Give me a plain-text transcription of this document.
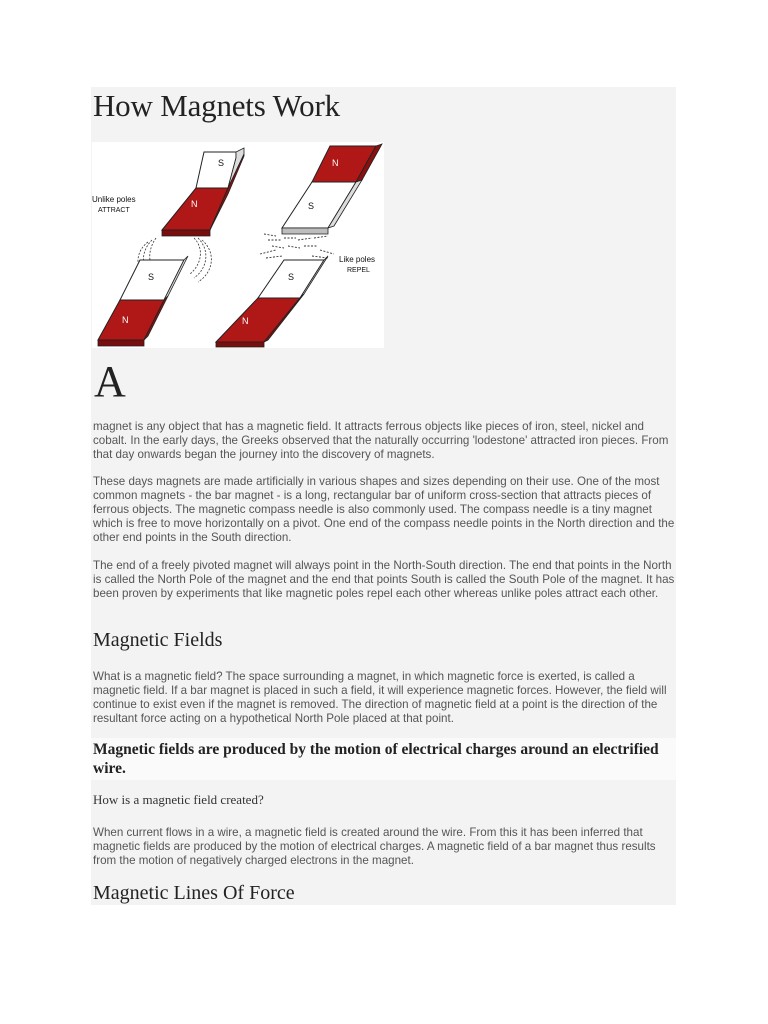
How Magnets Work
S
N
Unlike poles
ATTRACT
S
N
N
S
Like poles
REPEL
S
N
A

magnet is any object that has a magnetic field. It attracts ferrous objects like pieces of iron, steel, nickel and cobalt. In the early days, the Greeks observed that the naturally occurring 'lodestone' attracted iron pieces. From that day onwards began the journey into the discovery of magnets.

These days magnets are made artificially in various shapes and sizes depending on their use. One of the most common magnets - the bar magnet - is a long, rectangular bar of uniform cross-section that attracts pieces of ferrous objects. The magnetic compass needle is also commonly used. The compass needle is a tiny magnet which is free to move horizontally on a pivot. One end of the compass needle points in the North direction and the other end points in the South direction.

The end of a freely pivoted magnet will always point in the North-South direction. The end that points in the North is called the North Pole of the magnet and the end that points South is called the South Pole of the magnet. It has been proven by experiments that like magnetic poles repel each other whereas unlike poles attract each other.

Magnetic Fields

What is a magnetic field? The space surrounding a magnet, in which magnetic force is exerted, is called a magnetic field. If a bar magnet is placed in such a field, it will experience magnetic forces. However, the field will continue to exist even if the magnet is removed. The direction of magnetic field at a point is the direction of the resultant force acting on a hypothetical North Pole placed at that point.

Magnetic fields are produced by the motion of electrical charges around an electrified wire.

How is a magnetic field created?

When current flows in a wire, a magnetic field is created around the wire. From this it has been inferred that magnetic fields are produced by the motion of electrical charges. A magnetic field of a bar magnet thus results from the motion of negatively charged electrons in the magnet.

Magnetic Lines Of Force
